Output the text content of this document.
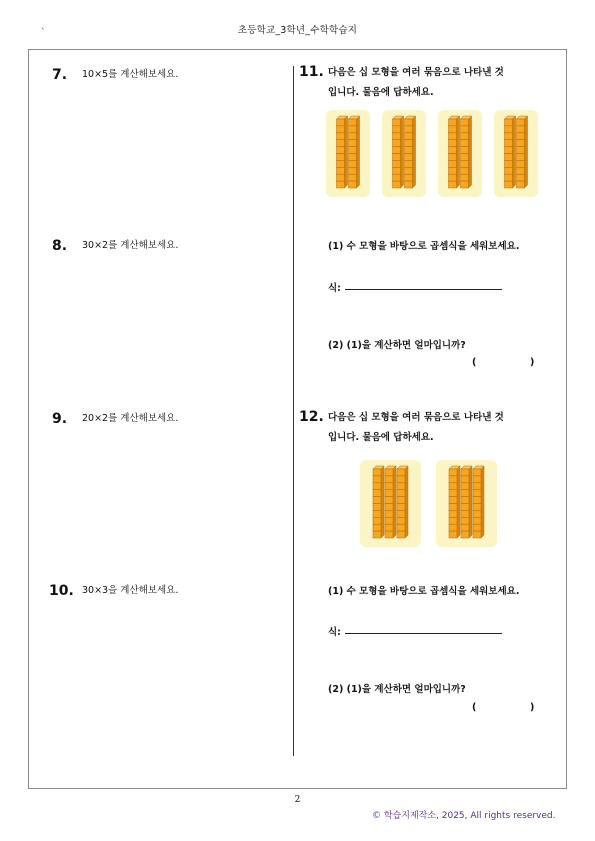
초등학교_3학년_수학학습지
`
7. 10×5를 계산해보세요.
8. 30×2를 계산해보세요.
9. 20×2를 계산해보세요.
10. 30×3을 계산해보세요.
11. 다음은 십 모형을 여러 묶음으로 나타낸 것
입니다. 물음에 답하세요.
(1) 수 모형을 바탕으로 곱셈식을 세워보세요.
식:
(2) (1)을 계산하면 얼마입니까?
(	)
12. 다음은 십 모형을 여러 묶음으로 나타낸 것
입니다. 물음에 답하세요.
(1) 수 모형을 바탕으로 곱셈식을 세워보세요.
식:
(2) (1)을 계산하면 얼마입니까?
(	)
2
© 학습지제작소, 2025, All rights reserved.
